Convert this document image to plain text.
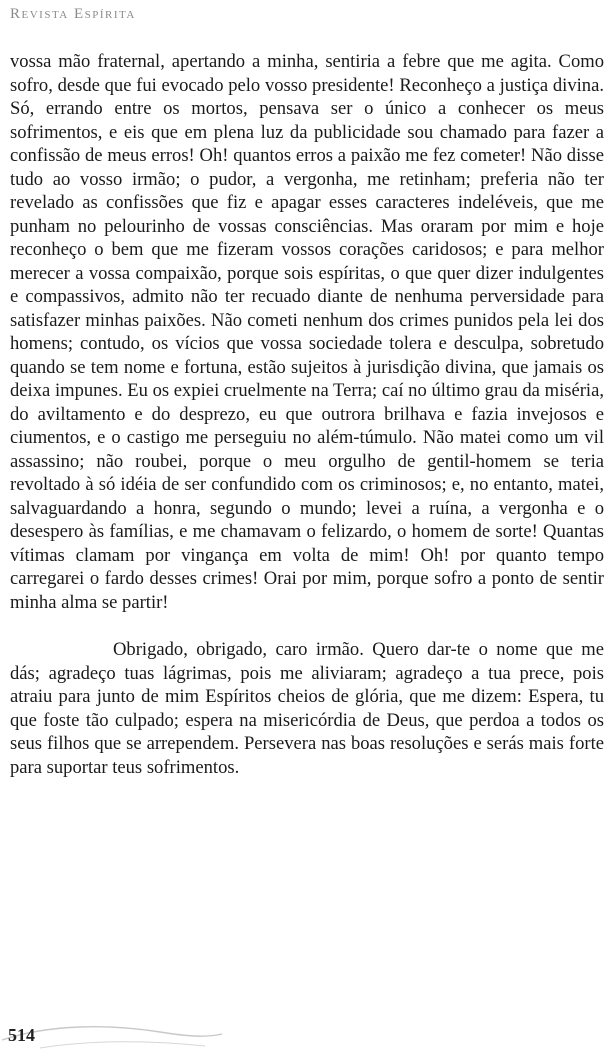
Revista Espírita

vossa mão fraternal, apertando a minha, sentiria a febre que me agita. Como sofro, desde que fui evocado pelo vosso presidente! Reconheço a justiça divina. Só, errando entre os mortos, pensava ser o único a conhecer os meus sofrimentos, e eis que em plena luz da publicidade sou chamado para fazer a confissão de meus erros! Oh! quantos erros a paixão me fez cometer! Não disse tudo ao vosso irmão; o pudor, a vergonha, me retinham; preferia não ter revelado as confissões que fiz e apagar esses caracteres indeléveis, que me punham no pelourinho de vossas consciências. Mas oraram por mim e hoje reconheço o bem que me fizeram vossos corações caridosos; e para melhor merecer a vossa compaixão, porque sois espíritas, o que quer dizer indulgentes e compassivos, admito não ter recuado diante de nenhuma perversidade para satisfazer minhas paixões. Não cometi nenhum dos crimes punidos pela lei dos homens; contudo, os vícios que vossa sociedade tolera e desculpa, sobretudo quando se tem nome e fortuna, estão sujeitos à jurisdição divina, que jamais os deixa impunes. Eu os expiei cruelmente na Terra; caí no último grau da miséria, do aviltamento e do desprezo, eu que outrora brilhava e fazia invejosos e ciumentos, e o castigo me perseguiu no além-túmulo. Não matei como um vil assassino; não roubei, porque o meu orgulho de gentil-homem se teria revoltado à só idéia de ser confundido com os criminosos; e, no entanto, matei, salvaguardando a honra, segundo o mundo; levei a ruína, a vergonha e o desespero às famílias, e me chamavam o felizardo, o homem de sorte! Quantas vítimas clamam por vingança em volta de mim! Oh! por quanto tempo carregarei o fardo desses crimes! Orai por mim, porque sofro a ponto de sentir minha alma se partir!

Obrigado, obrigado, caro irmão. Quero dar-te o nome que me dás; agradeço tuas lágrimas, pois me aliviaram; agradeço a tua prece, pois atraiu para junto de mim Espíritos cheios de glória, que me dizem: Espera, tu que foste tão culpado; espera na misericórdia de Deus, que perdoa a todos os seus filhos que se arrependem. Persevera nas boas resoluções e serás mais forte para suportar teus sofrimentos.

514
